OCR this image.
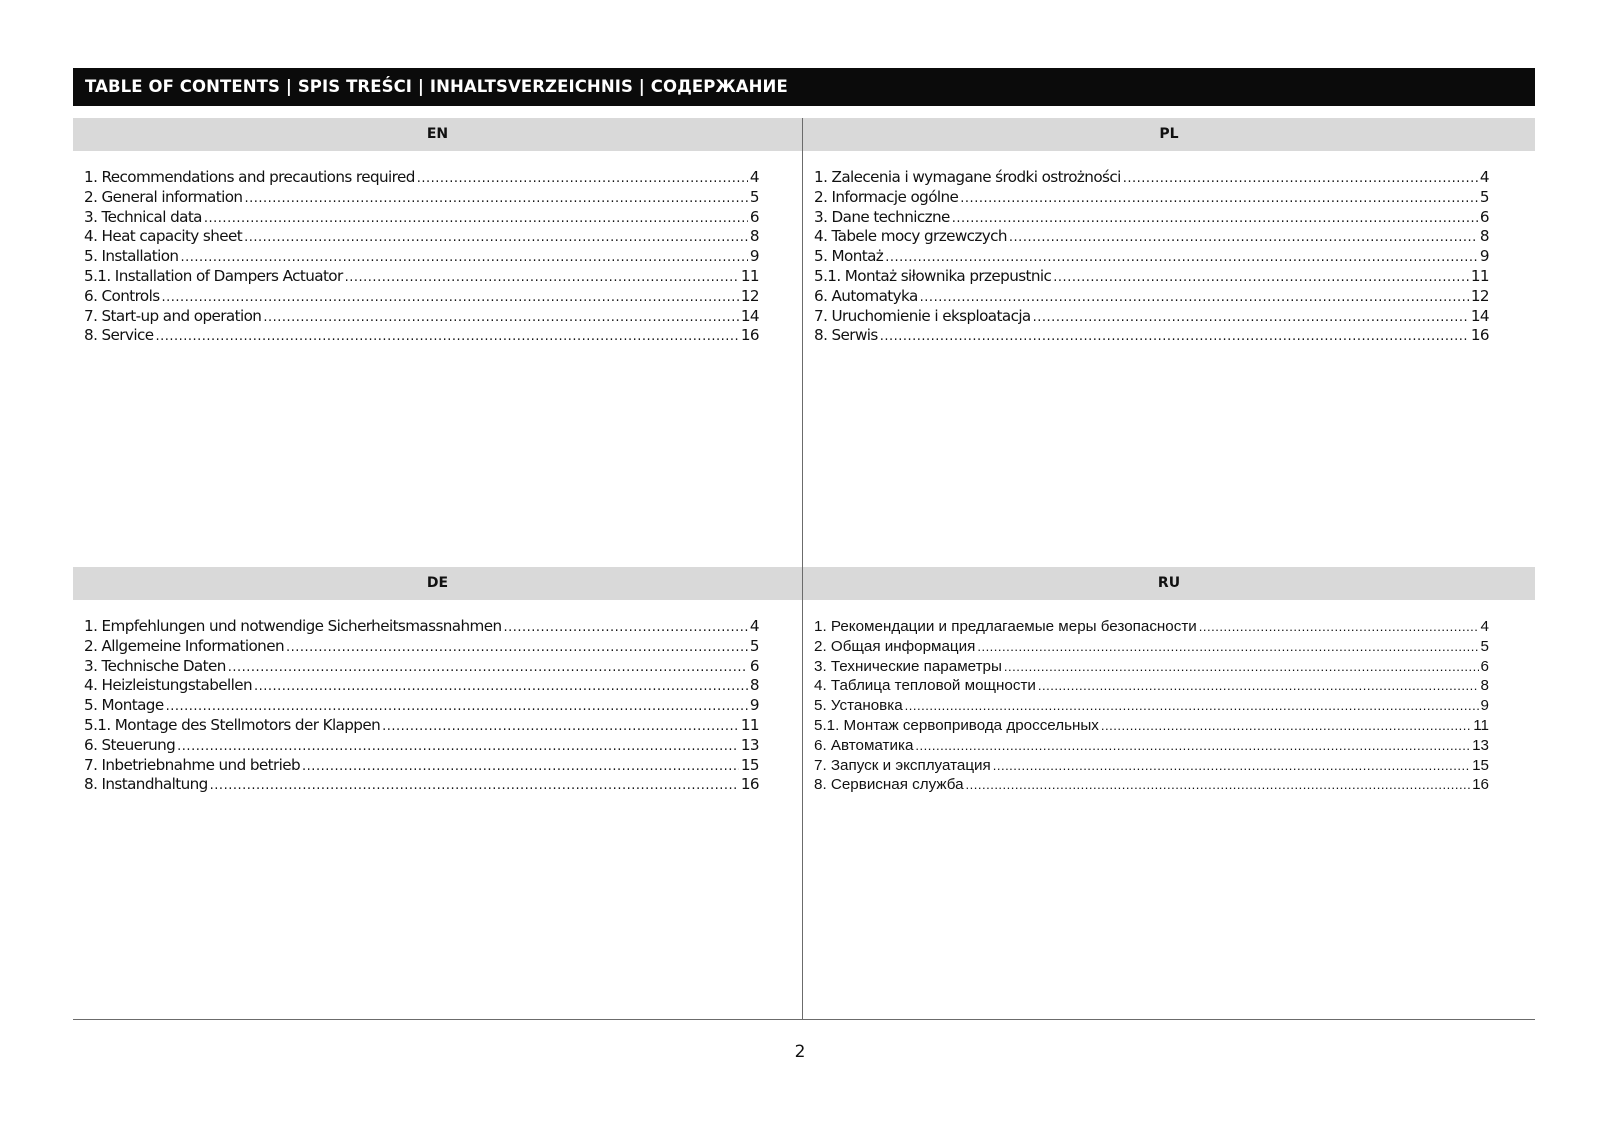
TABLE OF CONTENTS | SPIS TREŚCI | INHALTSVERZEICHNIS | СОДЕРЖАНИЕ
EN	PL
DE	RU
1. Recommendations and precautions required .....	4
2. General information .....	5
3. Technical data .....	6
4. Heat capacity sheet .....	8
5. Installation .....	9
5.1. Installation of Dampers Actuator .....	11
6. Controls .....	12
7. Start-up and operation .....	14
8. Service .....	16
1. Zalecenia i wymagane środki ostrożności .....	4
2. Informacje ogólne .....	5
3. Dane techniczne .....	6
4. Tabele mocy grzewczych .....	8
5. Montaż .....	9
5.1. Montaż siłownika przepustnic .....	11
6. Automatyka .....	12
7. Uruchomienie i eksploatacja .....	14
8. Serwis .....	16
1. Empfehlungen und notwendige Sicherheitsmassnahmen .....	4
2. Allgemeine Informationen .....	5
3. Technische Daten .....	6
4. Heizleistungstabellen .....	8
5. Montage .....	9
5.1. Montage des Stellmotors der Klappen .....	11
6. Steuerung .....	13
7. Inbetriebnahme und betrieb .....	15
8. Instandhaltung .....	16
1. Рекомендации и предлагаемые меры безопасности .....	4
2. Общая информация .....	5
3. Технические параметры .....	6
4. Таблица тепловой мощности .....	8
5. Установка .....	9
5.1. Монтаж сервопривода дроссельных .....	11
6. Автоматика .....	13
7. Запуск и эксплуатация .....	15
8. Сервисная служба .....	16
2
